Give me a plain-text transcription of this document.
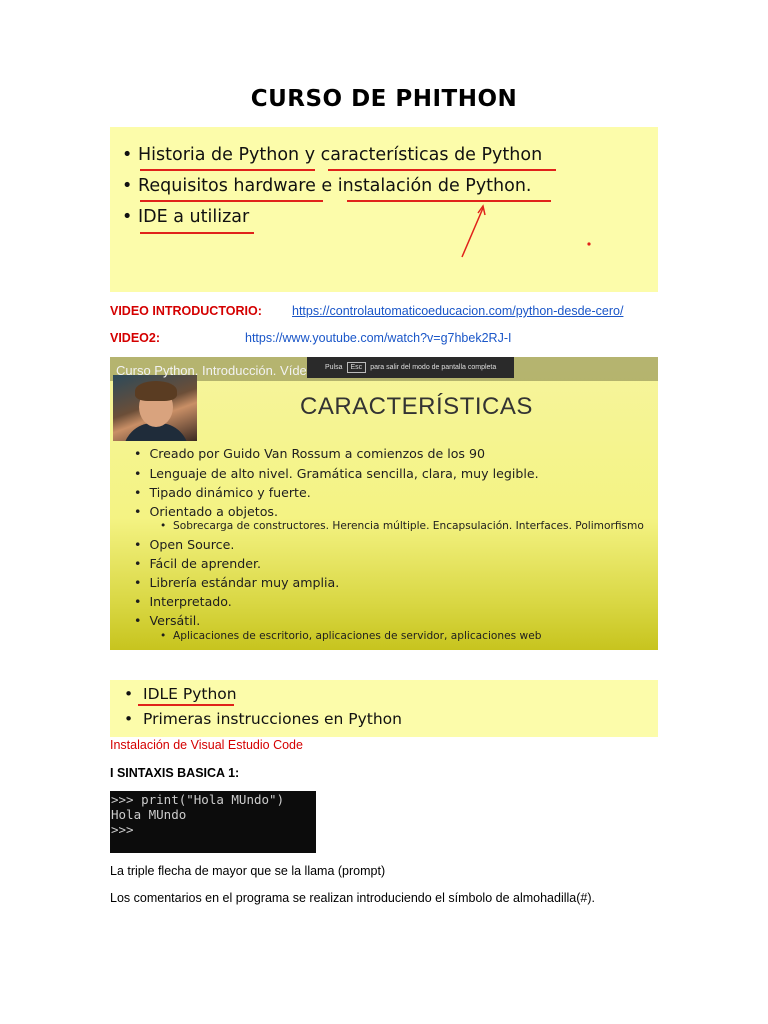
CURSO DE PHITHON
• Historia de Python y características de Python
• Requisitos hardware e instalación de Python.
• IDE a utilizar
VIDEO INTRODUCTORIO: https://controlautomaticoeducacion.com/python-desde-cero/
VIDEO2:	https://www.youtube.com/watch?v=g7hbek2RJ-I
Curso Python. Introducción. Víde	Pulsa	Esc	para salir del modo de pantalla completa
CARACTERÍSTICAS
•  Creado por Guido Van Rossum a comienzos de los 90
•  Lenguaje de alto nivel. Gramática sencilla, clara, muy legible.
•  Tipado dinámico y fuerte.
•  Orientado a objetos.
•  Sobrecarga de constructores. Herencia múltiple. Encapsulación. Interfaces. Polimorfismo
•  Open Source.
•  Fácil de aprender.
•  Librería estándar muy amplia.
•  Interpretado.
•  Versátil.
•  Aplicaciones de escritorio, aplicaciones de servidor, aplicaciones web
• IDLE Python
• Primeras instrucciones en Python
Instalación de Visual Estudio Code
I SINTAXIS BASICA 1:
>>> print("Hola MUndo")
Hola MUndo
>>>
La triple flecha de mayor que se la llama (prompt)
Los comentarios en el programa se realizan introduciendo el símbolo de almohadilla(#).
